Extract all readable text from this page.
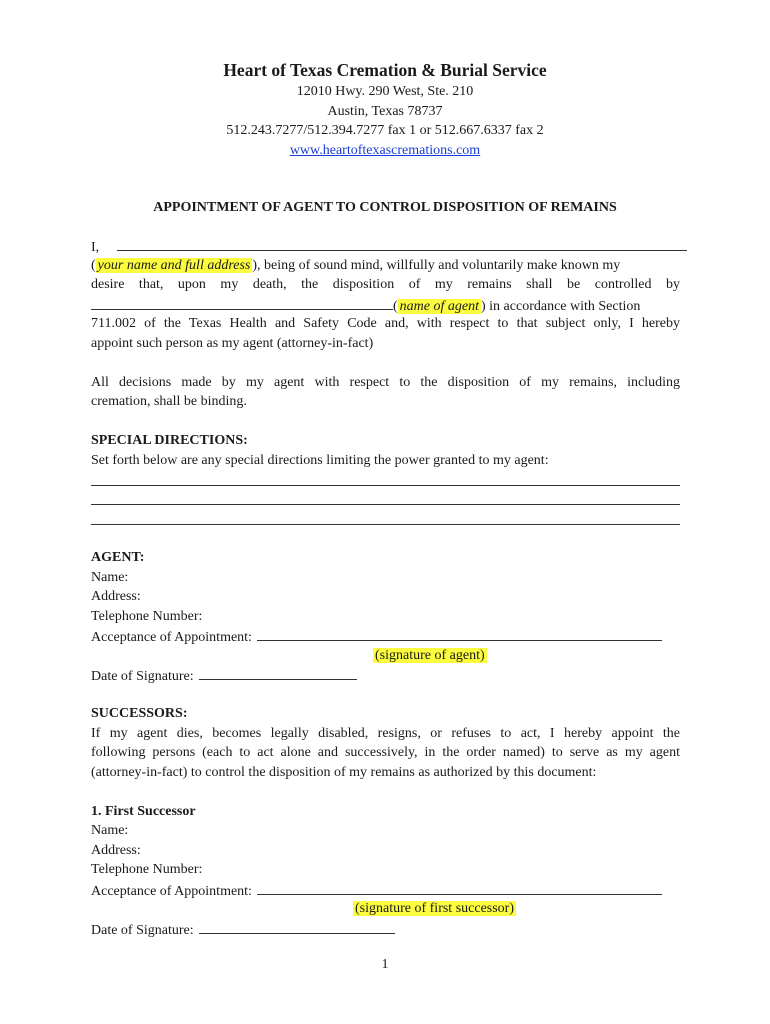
Heart of Texas Cremation & Burial Service
12010 Hwy. 290 West, Ste. 210
Austin, Texas 78737
512.243.7277/512.394.7277 fax 1 or 512.667.6337 fax 2
www.heartoftexascremations.com
APPOINTMENT OF AGENT TO CONTROL DISPOSITION OF REMAINS
I,
( your name and full address ), being of sound mind, willfully and voluntarily make known my
desire that, upon my death, the disposition of my remains shall be controlled by
( name of agent ) in accordance with Section
711.002 of the Texas Health and Safety Code and, with respect to that subject only, I hereby
appoint such person as my agent (attorney-in-fact)
All decisions made by my agent with respect to the disposition of my remains, including
cremation, shall be binding.
SPECIAL DIRECTIONS:
Set forth below are any special directions limiting the power granted to my agent:
AGENT:
Name:
Address:
Telephone Number:
Acceptance of Appointment:
(signature of agent)
Date of Signature:
SUCCESSORS:
If my agent dies, becomes legally disabled, resigns, or refuses to act, I hereby appoint the
following persons (each to act alone and successively, in the order named) to serve as my agent
(attorney-in-fact) to control the disposition of my remains as authorized by this document:
1. First Successor
Name:
Address:
Telephone Number:
Acceptance of Appointment:
(signature of first successor)
Date of Signature:
1
